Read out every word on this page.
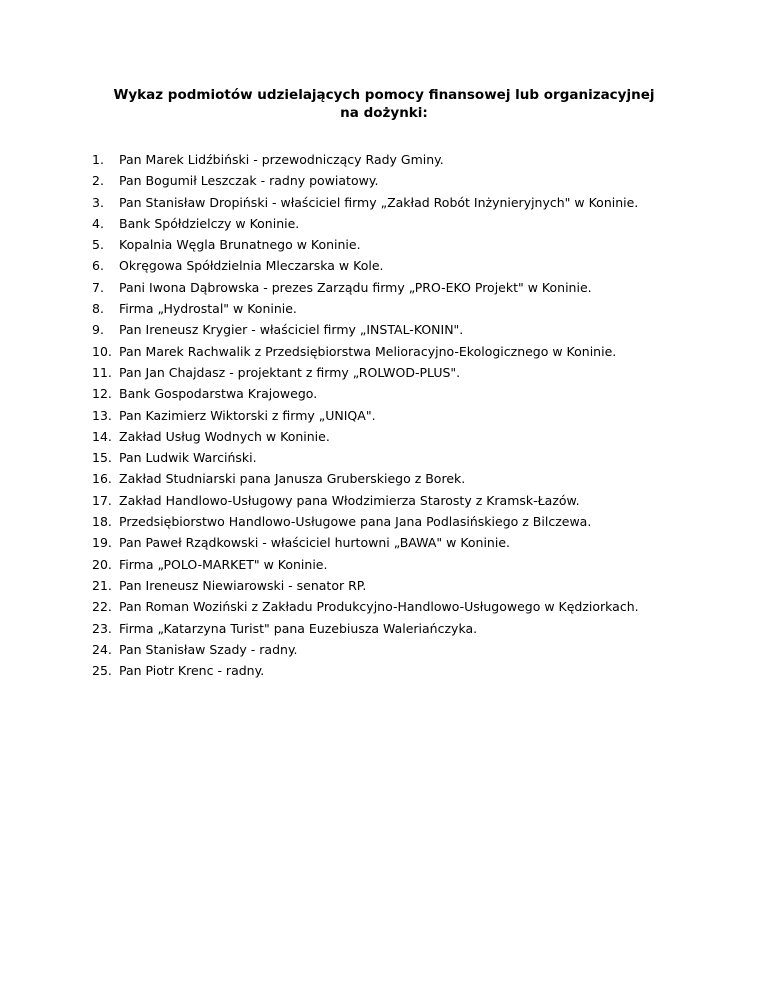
Wykaz podmiotów udzielających pomocy finansowej lub organizacyjnej
na dożynki:
1. Pan Marek Lidźbiński - przewodniczący Rady Gminy.
2. Pan Bogumił Leszczak - radny powiatowy.
3. Pan Stanisław Dropiński - właściciel firmy „Zakład Robót Inżynieryjnych" w Koninie.
4. Bank Spółdzielczy w Koninie.
5. Kopalnia Węgla Brunatnego w Koninie.
6. Okręgowa Spółdzielnia Mleczarska w Kole.
7. Pani Iwona Dąbrowska - prezes Zarządu firmy „PRO-EKO Projekt" w Koninie.
8. Firma „Hydrostal" w Koninie.
9. Pan Ireneusz Krygier - właściciel firmy „INSTAL-KONIN".
10. Pan Marek Rachwalik z Przedsiębiorstwa Melioracyjno-Ekologicznego w Koninie.
11. Pan Jan Chajdasz - projektant z firmy „ROLWOD-PLUS".
12. Bank Gospodarstwa Krajowego.
13. Pan Kazimierz Wiktorski z firmy „UNIQA".
14. Zakład Usług Wodnych w Koninie.
15. Pan Ludwik Warciński.
16. Zakład Studniarski pana Janusza Gruberskiego z Borek.
17. Zakład Handlowo-Usługowy pana Włodzimierza Starosty z Kramsk-Łazów.
18. Przedsiębiorstwo Handlowo-Usługowe pana Jana Podlasińskiego z Bilczewa.
19. Pan Paweł Rządkowski - właściciel hurtowni „BAWA" w Koninie.
20. Firma „POLO-MARKET" w Koninie.
21. Pan Ireneusz Niewiarowski - senator RP.
22. Pan Roman Woziński z Zakładu Produkcyjno-Handlowo-Usługowego w Kędziorkach.
23. Firma „Katarzyna Turist" pana Euzebiusza Waleriańczyka.
24. Pan Stanisław Szady - radny.
25. Pan Piotr Krenc - radny.
